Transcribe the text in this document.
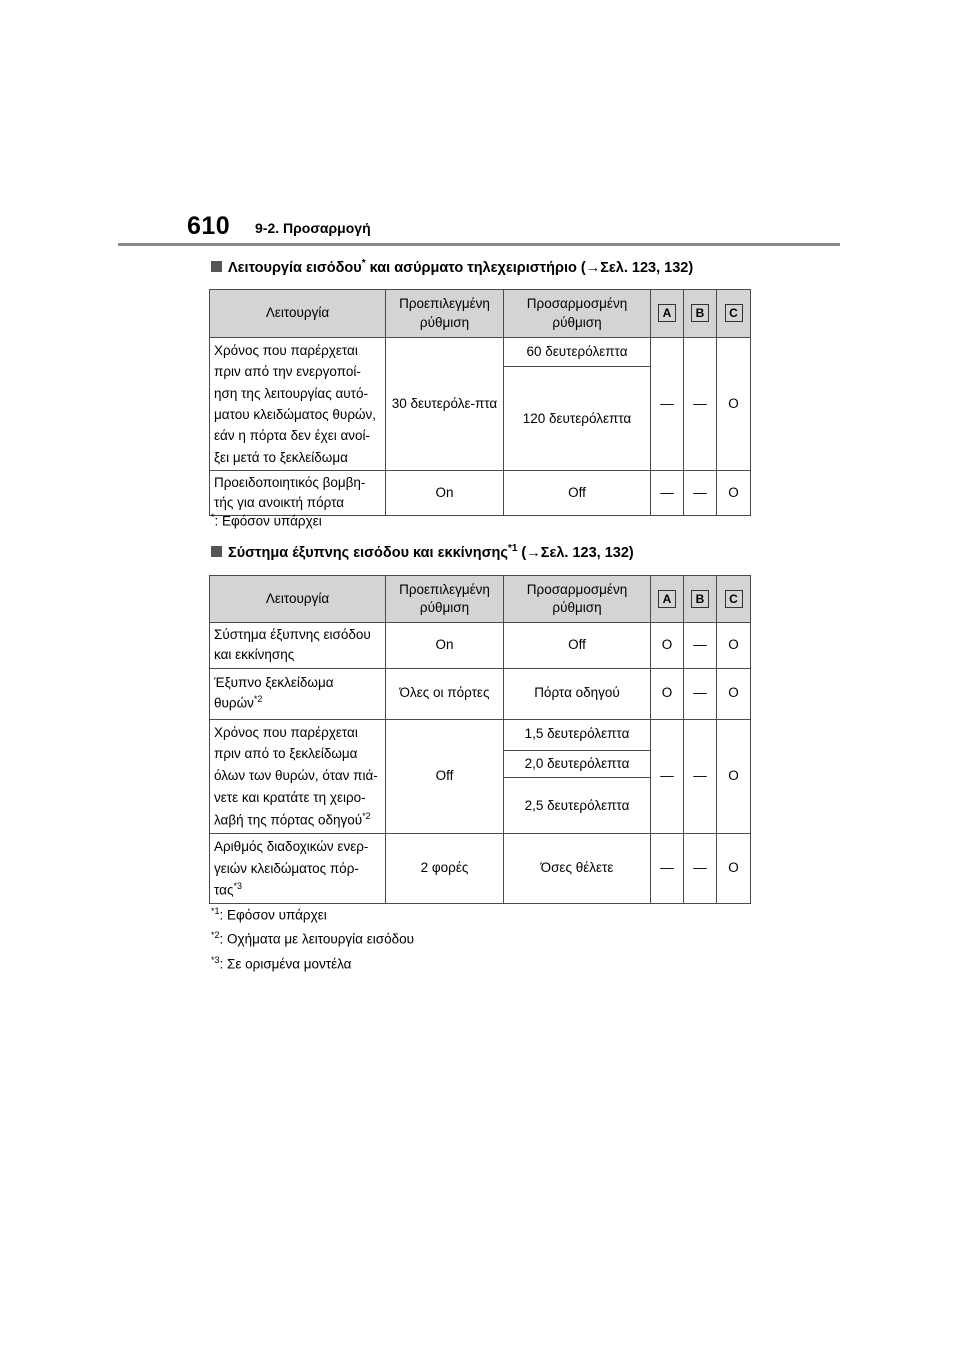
610 9-2. Προσαρμογή
Λειτουργία εισόδου* και ασύρματο τηλεχειριστήριο (→Σελ. 123, 132)
Λειτουργία	Προεπιλεγμένη ρύθμιση	Προσαρμοσμένη ρύθμιση	A	B	C
Χρόνος που παρέρχεται πριν από την ενεργοποί-ηση της λειτουργίας αυτό-ματου κλειδώματος θυρών, εάν η πόρτα δεν έχει ανοί-ξει μετά το ξεκλείδωμα	30 δευτερόλε-πτα	60 δευτερόλεπτα	—	—	O
		120 δευτερόλεπτα			
Προειδοποιητικός βομβη-τής για ανοικτή πόρτα	On	Off	—	—	O
*: Εφόσον υπάρχει
Σύστημα έξυπνης εισόδου και εκκίνησης$^{*1}$ (→Σελ. 123, 132)
Λειτουργία	Προεπιλεγμένη ρύθμιση	Προσαρμοσμένη ρύθμιση	A	B	C
Σύστημα έξυπνης εισόδου και εκκίνησης	On	Off	O	—	O
Έξυπνο ξεκλείδωμα θυρών$^{*2}$	Όλες οι πόρτες	Πόρτα οδηγού	O	—	O
Χρόνος που παρέρχεται πριν από το ξεκλείδωμα όλων των θυρών, όταν πιά-νετε και κρατάτε τη χειρο-λαβή της πόρτας οδηγού$^{*2}$	Off	1,5 δευτερόλεπτα	—	—	O
		2,0 δευτερόλεπτα			
		2,5 δευτερόλεπτα			
Αριθμός διαδοχικών ενερ-γειών κλειδώματος πόρ-τας$^{*3}$	2 φορές	Όσες θέλετε	—	—	O
$^{*1}$: Εφόσον υπάρχει
$^{*2}$: Οχήματα με λειτουργία εισόδου
$^{*3}$: Σε ορισμένα μοντέλα
